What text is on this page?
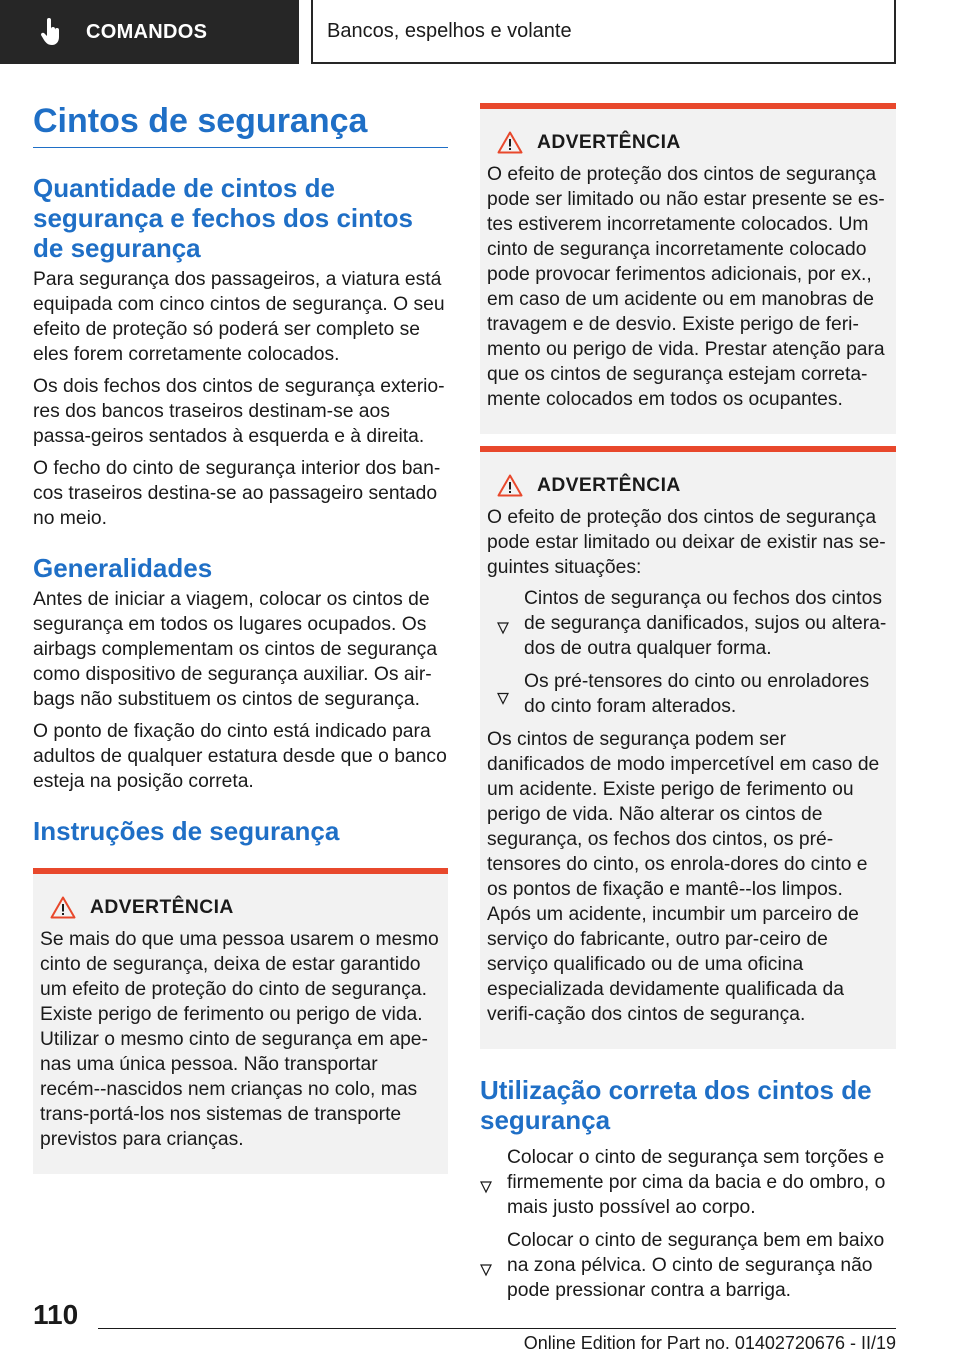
COMANDOS	Bancos, espelhos e volante
Cintos de segurança
Quantidade de cintos de segurança e fechos dos cintos de segurança

Para segurança dos passageiros, a viatura está equipada com cinco cintos de segurança. O seu efeito de proteção só poderá ser completo se eles forem corretamente colocados.

Os dois fechos dos cintos de segurança exterio-res dos bancos traseiros destinam-se aos passa-geiros sentados à esquerda e à direita.

O fecho do cinto de segurança interior dos ban-cos traseiros destina-se ao passageiro sentado no meio.

Generalidades

Antes de iniciar a viagem, colocar os cintos de segurança em todos os lugares ocupados. Os airbags complementam os cintos de segurança como dispositivo de segurança auxiliar. Os air-bags não substituem os cintos de segurança.

O ponto de fixação do cinto está indicado para adultos de qualquer estatura desde que o banco esteja na posição correta.

Instruções de segurança
ADVERTÊNCIA

Se mais do que uma pessoa usarem o mesmo cinto de segurança, deixa de estar garantido um efeito de proteção do cinto de segurança. Existe perigo de ferimento ou perigo de vida. Utilizar o mesmo cinto de segurança em ape-nas uma única pessoa. Não transportar recém--nascidos nem crianças no colo, mas trans-portá-los nos sistemas de transporte previstos para crianças.

ADVERTÊNCIA

O efeito de proteção dos cintos de segurança pode ser limitado ou não estar presente se es-tes estiverem incorretamente colocados. Um cinto de segurança incorretamente colocado pode provocar ferimentos adicionais, por ex., em caso de um acidente ou em manobras de travagem e de desvio. Existe perigo de feri-mento ou perigo de vida. Prestar atenção para que os cintos de segurança estejam correta-mente colocados em todos os ocupantes.

ADVERTÊNCIA

O efeito de proteção dos cintos de segurança pode estar limitado ou deixar de existir nas se-guintes situações:

Cintos de segurança ou fechos dos cintos de segurança danificados, sujos ou altera-dos de outra qualquer forma.
Os pré-tensores do cinto ou enroladores do cinto foram alterados.

Os cintos de segurança podem ser danificados de modo impercetível em caso de um acidente. Existe perigo de ferimento ou perigo de vida. Não alterar os cintos de segurança, os fechos dos cintos, os pré-tensores do cinto, os enrola-dores do cinto e os pontos de fixação e mantê--los limpos. Após um acidente, incumbir um parceiro de serviço do fabricante, outro par-ceiro de serviço qualificado ou de uma oficina especializada devidamente qualificada da verifi-cação dos cintos de segurança.

Utilização correta dos cintos de segurança
Colocar o cinto de segurança sem torções e firmemente por cima da bacia e do ombro, o mais justo possível ao corpo.
Colocar o cinto de segurança bem em baixo na zona pélvica. O cinto de segurança não pode pressionar contra a barriga.
110
Online Edition for Part no. 01402720676 - II/19
